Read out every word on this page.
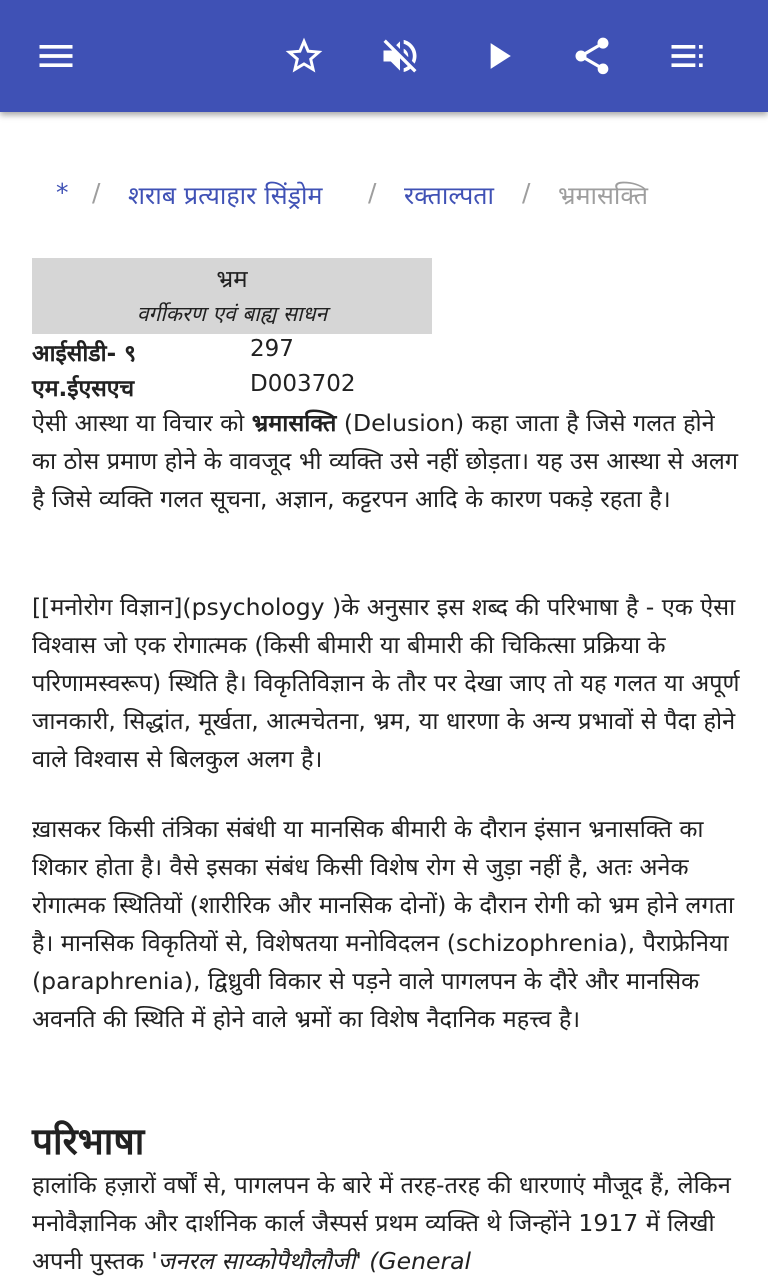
* / शराब प्रत्याहार सिंड्रोम / रक्ताल्पता / भ्रमासक्ति
भ्रम
वर्गीकरण एवं बाह्य साधन
आईसीडी- ९	297
एम.ईएसएच	D003702
ऐसी आस्था या विचार को भ्रमासक्ति (Delusion) कहा जाता है जिसे गलत होने का ठोस प्रमाण होने के वावजूद भी व्यक्ति उसे नहीं छोड़ता। यह उस आस्था से अलग है जिसे व्यक्ति गलत सूचना, अज्ञान, कट्टरपन आदि के कारण पकड़े रहता है।
[[मनोरोग विज्ञान](psychology )के अनुसार इस शब्द की परिभाषा है - एक ऐसा विश्वास जो एक रोगात्मक (किसी बीमारी या बीमारी की चिकित्सा प्रक्रिया के परिणामस्वरूप) स्थिति है। विकृतिविज्ञान के तौर पर देखा जाए तो यह गलत या अपूर्ण जानकारी, सिद्धांत, मूर्खता, आत्मचेतना, भ्रम, या धारणा के अन्य प्रभावों से पैदा होने वाले विश्वास से बिलकुल अलग है।
ख़ासकर किसी तंत्रिका संबंधी या मानसिक बीमारी के दौरान इंसान भ्रनासक्ति का शिकार होता है। वैसे इसका संबंध किसी विशेष रोग से जुड़ा नहीं है, अतः अनेक रोगात्मक स्थितियों (शारीरिक और मानसिक दोनों) के दौरान रोगी को भ्रम होने लगता है। मानसिक विकृतियों से, विशेषतया मनोविदलन (schizophrenia), पैराफ्रेनिया (paraphrenia), द्विध्रुवी विकार से पड़ने वाले पागलपन के दौरे और मानसिक अवनति की स्थिति में होने वाले भ्रमों का विशेष नैदानिक महत्त्व है।
परिभाषा
हालांकि हज़ारों वर्षों से, पागलपन के बारे में तरह-तरह की धारणाएं मौजूद हैं, लेकिन मनोवैज्ञानिक और दार्शनिक कार्ल जैस्पर्स प्रथम व्यक्ति थे जिन्होंने 1917 में लिखी अपनी पुस्तक 'जनरल साय्कोपैथौलौजी' (General
